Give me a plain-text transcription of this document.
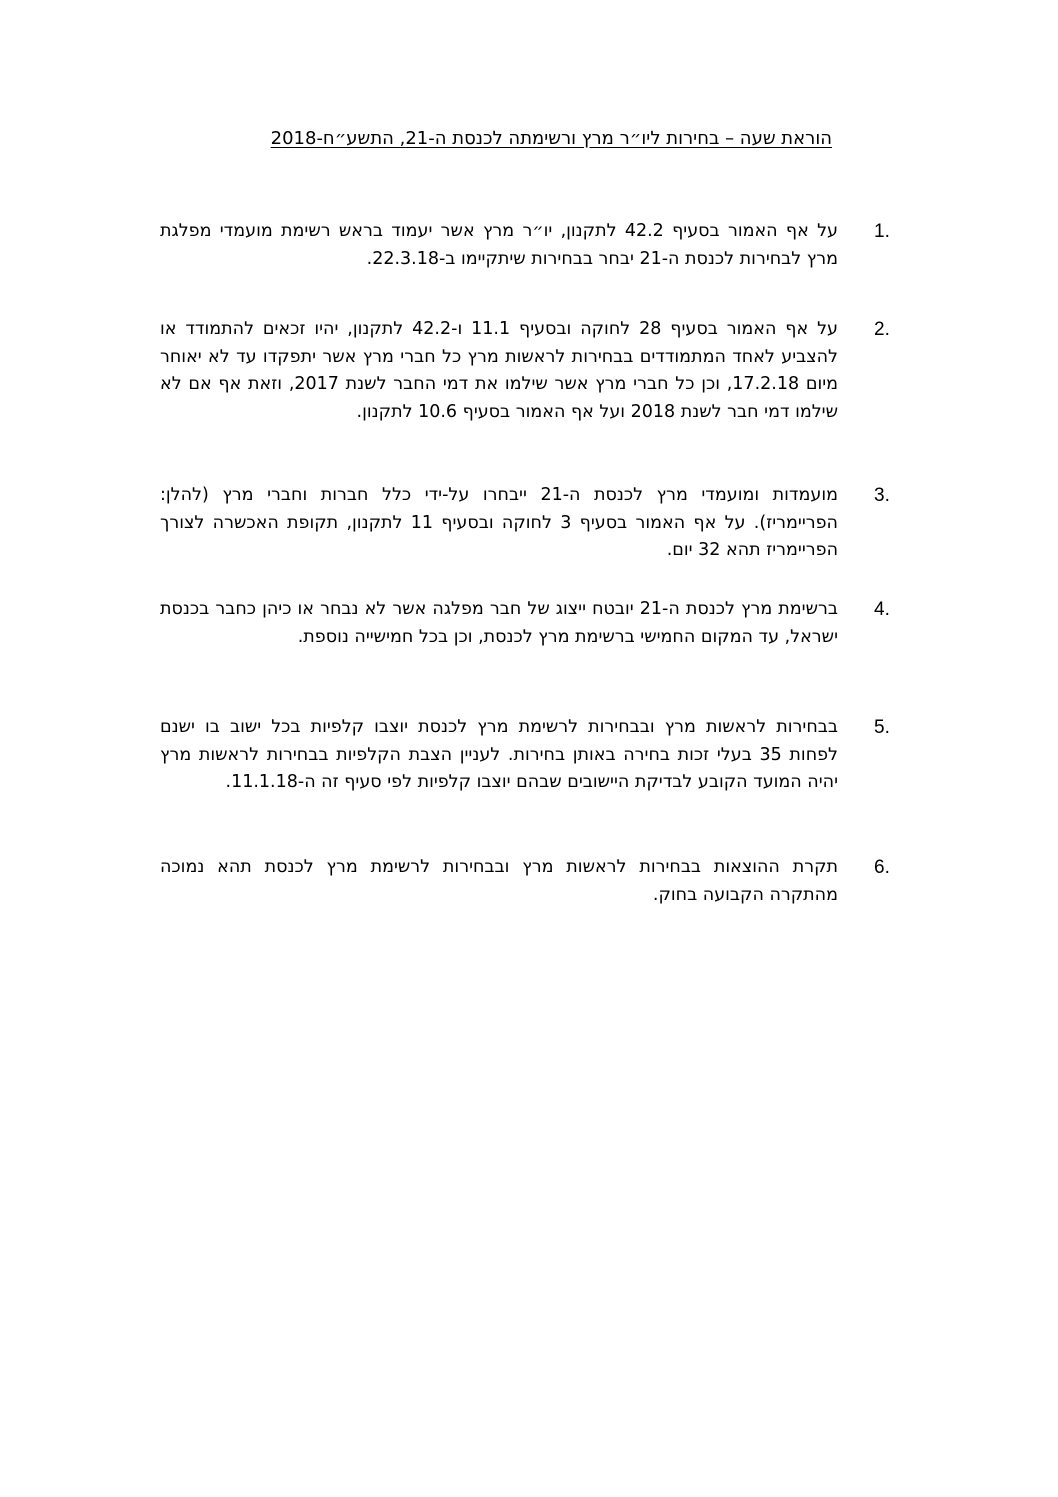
הוראת שעה – בחירות ליו״ר מרץ ורשימתה לכנסת ה-21, התשע״ח-2018
1.
על אף האמור בסעיף 42.2 לתקנון, יו״ר מרץ אשר יעמוד בראש רשימת מועמדי מפלגת מרץ לבחירות לכנסת ה-21 יבחר בבחירות שיתקיימו ב-22.3.18.
2.
על אף האמור בסעיף 28 לחוקה ובסעיף 11.1 ו-42.2 לתקנון, יהיו זכאים להתמודד או להצביע לאחד המתמודדים בבחירות לראשות מרץ כל חברי מרץ אשר יתפקדו עד לא יאוחר מיום 17.2.18, וכן כל חברי מרץ אשר שילמו את דמי החבר לשנת 2017, וזאת אף אם לא שילמו דמי חבר לשנת 2018 ועל אף האמור בסעיף 10.6 לתקנון.
3.
מועמדות ומועמדי מרץ לכנסת ה-21 ייבחרו על-ידי כלל חברות וחברי מרץ (להלן: הפריימריז). על אף האמור בסעיף 3 לחוקה ובסעיף 11 לתקנון, תקופת האכשרה לצורך הפריימריז תהא 32 יום.
4.
ברשימת מרץ לכנסת ה-21 יובטח ייצוג של חבר מפלגה אשר לא נבחר או כיהן כחבר בכנסת ישראל, עד המקום החמישי ברשימת מרץ לכנסת, וכן בכל חמישייה נוספת.
5.
בבחירות לראשות מרץ ובבחירות לרשימת מרץ לכנסת יוצבו קלפיות בכל ישוב בו ישנם לפחות 35 בעלי זכות בחירה באותן בחירות. לעניין הצבת הקלפיות בבחירות לראשות מרץ יהיה המועד הקובע לבדיקת היישובים שבהם יוצבו קלפיות לפי סעיף זה ה-11.1.18.
6.
תקרת ההוצאות בבחירות לראשות מרץ ובבחירות לרשימת מרץ לכנסת תהא נמוכה מהתקרה הקבועה בחוק.
